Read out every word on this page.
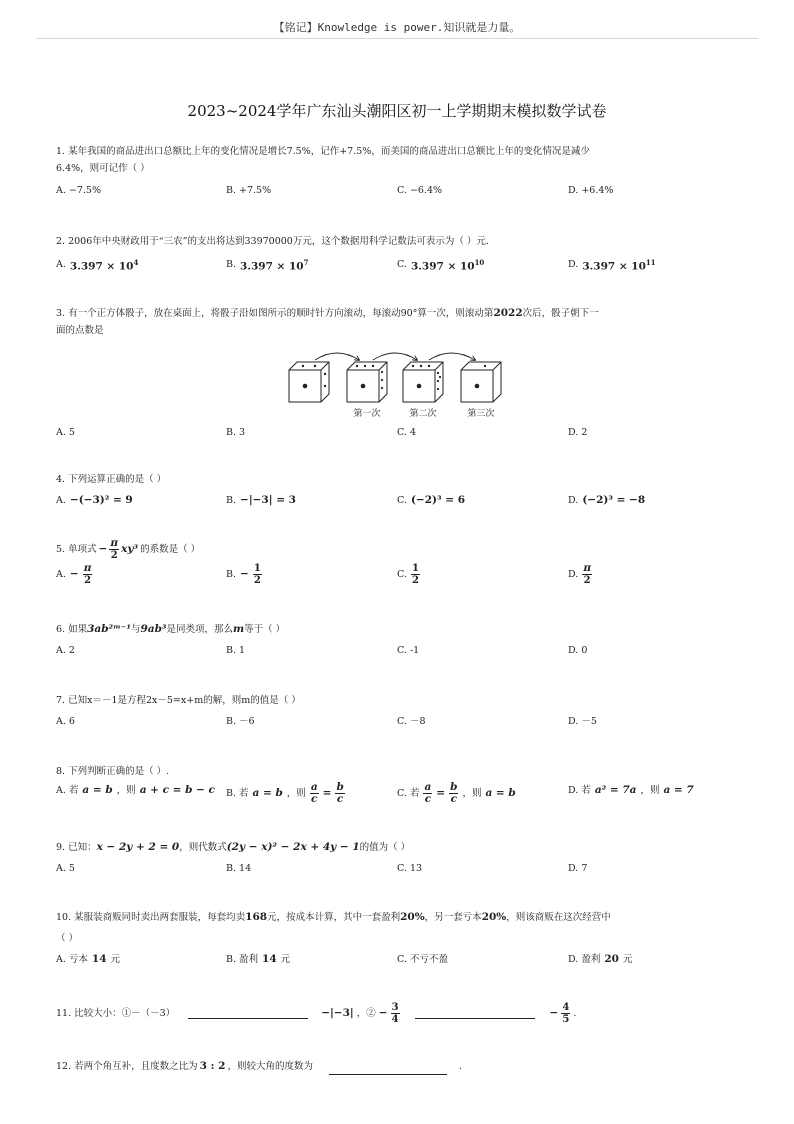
【铭记】Knowledge is power.知识就是力量。
2023~2024学年广东汕头潮阳区初一上学期期末模拟数学试卷
1. 某年我国的商品进出口总额比上年的变化情况是增长7.5%，记作+7.5%，而美国的商品进出口总额比上年的变化情况是减少
6.4%，则可记作（ ）
A. −7.5%	B. +7.5%	C. −6.4%	D. +6.4%
2. 2006年中央财政用于“三农”的支出将达到33970000万元，这个数据用科学记数法可表示为（ ）元.
A. $3.397 \times 10^4$	B. $3.397 \times 10^7$	C. $3.397 \times 10^{10}$	D. $3.397 \times 10^{11}$
3. 有一个正方体骰子，放在桌面上，将骰子沿如图所示的顺时针方向滚动，每滚动90°算一次，则滚动第2022次后，骰子朝下一
面的点数是
第一次	第二次	第三次
A. 5	B. 3	C. 4	D. 2
4. 下列运算正确的是（ ）
A. −(−3)² = 9	B. −|−3| = 3	C. (−2)³ = 6	D. (−2)³ = −8
5. 单项式 − $\frac{\pi}{2} xy^3$ 的系数是（ ）
A. − $\frac{\pi}{2}$	B. − $\frac{1}{2}$	C. $\frac{1}{2}$	D. $\frac{\pi}{2}$
6. 如果3ab²ᵐ⁻¹与9ab³是同类项，那么m等于（ ）
A. 2	B. 1	C. -1	D. 0
7. 已知x＝－1是方程2x－5=x+m的解，则m的值是（ ）
A. 6	B. －6	C. －8	D. －5
8. 下列判断正确的是（ ）.
A. 若 a = b ，则 a + c = b − c B. 若 a = b ，则 $\frac{a}{c} = \frac{b}{c}$	C. 若 $\frac{a}{c} = \frac{b}{c}$ ，则 a = b	D. 若 a² = 7a ，则 a = 7
9. 已知：x − 2y + 2 = 0，则代数式(2y − x)² − 2x + 4y − 1的值为（ ）
A. 5	B. 14	C. 13	D. 7
10. 某服装商贩同时卖出两套服装，每套均卖168元，按成本计算，其中一套盈利20%，另一套亏本20%，则该商贩在这次经营中
（ ）
A. 亏本 14 元	B. 盈利 14 元	C. 不亏不盈	D. 盈利 20 元
11. 比较大小：①－（－3）	−|−3| ，② − $\frac{3}{4}$	− $\frac{4}{5}$ .
12. 若两个角互补，且度数之比为 3 : 2 ，则较大角的度数为	.
